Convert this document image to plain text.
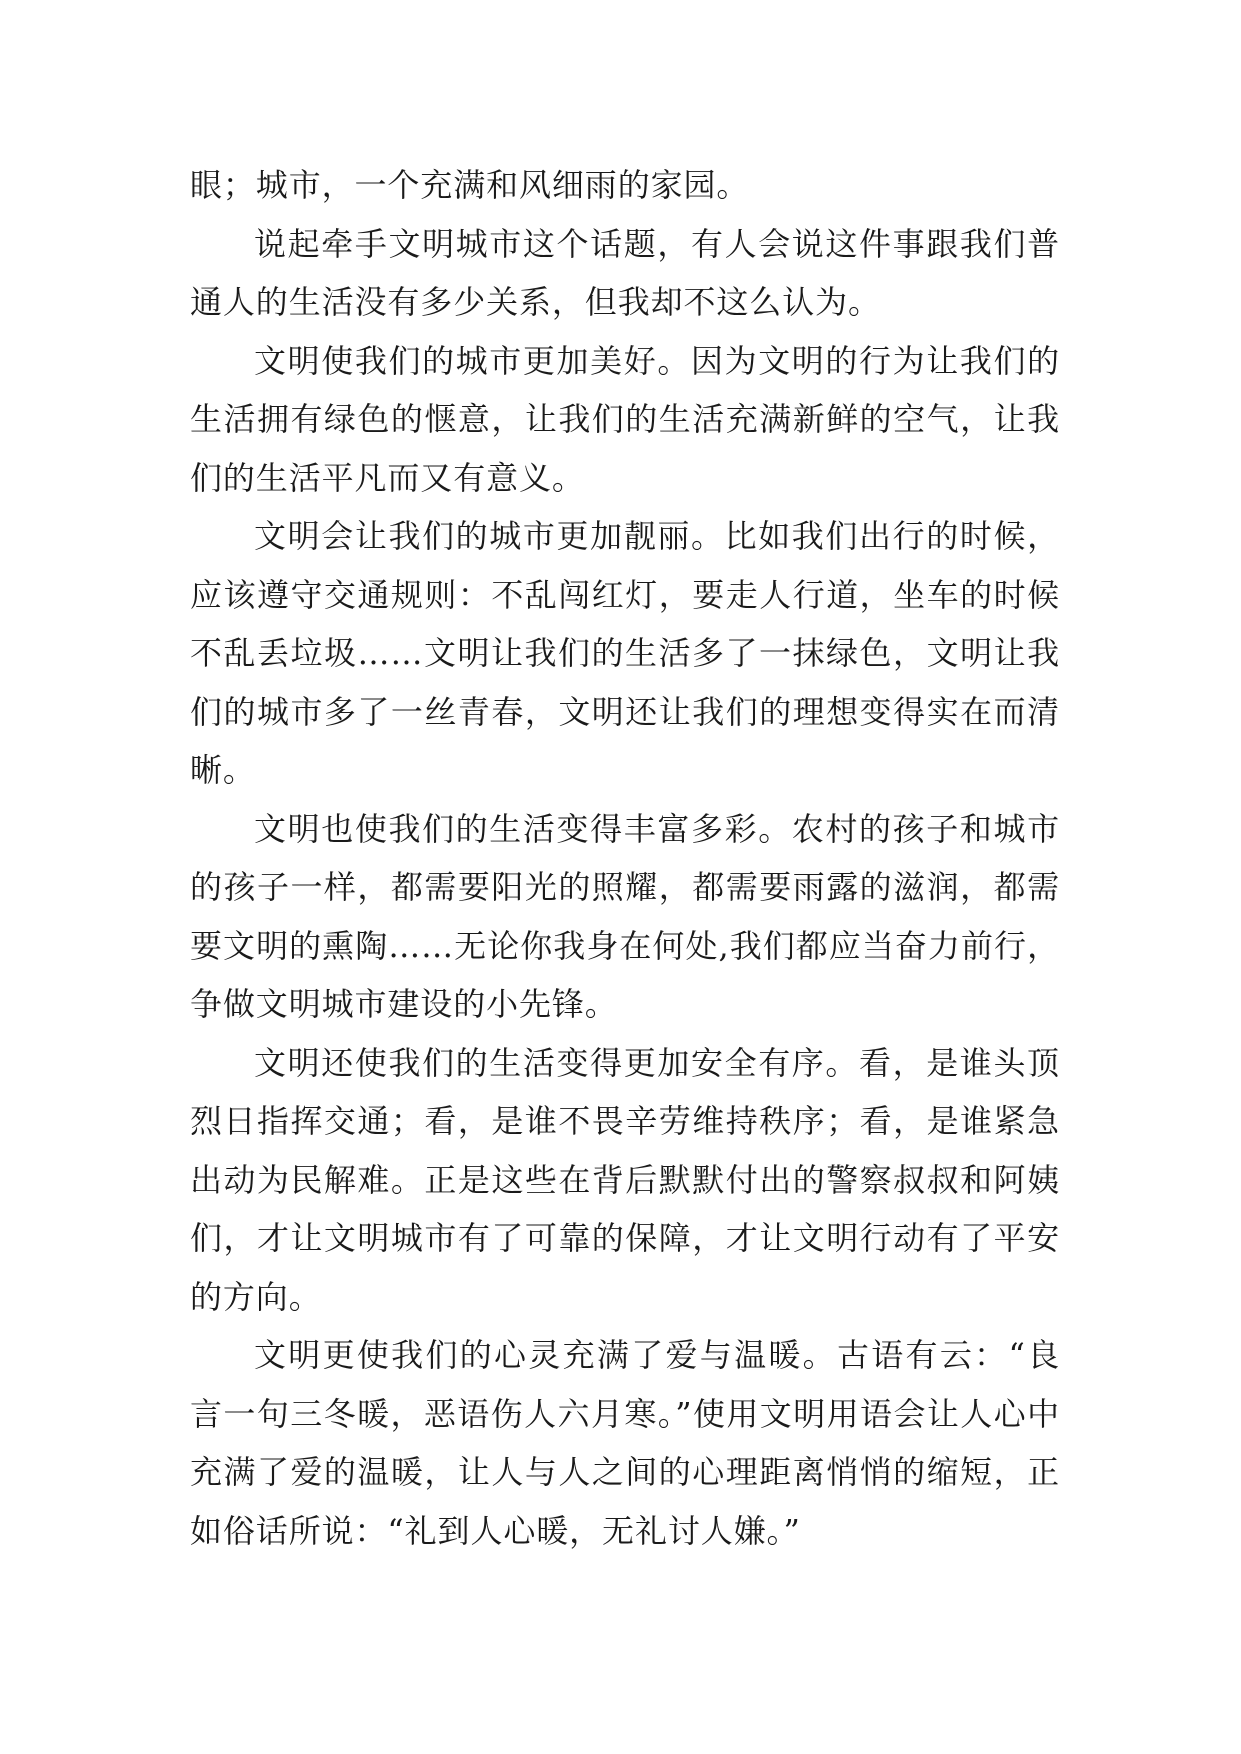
眼；城市，一个充满和风细雨的家园。

说起牵手文明城市这个话题，有人会说这件事跟我们普通人的生活没有多少关系，但我却不这么认为。

文明使我们的城市更加美好。因为文明的行为让我们的生活拥有绿色的惬意，让我们的生活充满新鲜的空气，让我们的生活平凡而又有意义。

文明会让我们的城市更加靓丽。比如我们出行的时候，应该遵守交通规则：不乱闯红灯，要走人行道，坐车的时候不乱丢垃圾……文明让我们的生活多了一抹绿色，文明让我们的城市多了一丝青春，文明还让我们的理想变得实在而清晰。

文明也使我们的生活变得丰富多彩。农村的孩子和城市的孩子一样，都需要阳光的照耀，都需要雨露的滋润，都需要文明的熏陶……无论你我身在何处,我们都应当奋力前行，争做文明城市建设的小先锋。

文明还使我们的生活变得更加安全有序。看，是谁头顶烈日指挥交通；看，是谁不畏辛劳维持秩序；看，是谁紧急出动为民解难。正是这些在背后默默付出的警察叔叔和阿姨们，才让文明城市有了可靠的保障，才让文明行动有了平安的方向。

文明更使我们的心灵充满了爱与温暖。古语有云：“良言一句三冬暖，恶语伤人六月寒。”使用文明用语会让人心中充满了爱的温暖，让人与人之间的心理距离悄悄的缩短，正如俗话所说：“礼到人心暖，无礼讨人嫌。”
